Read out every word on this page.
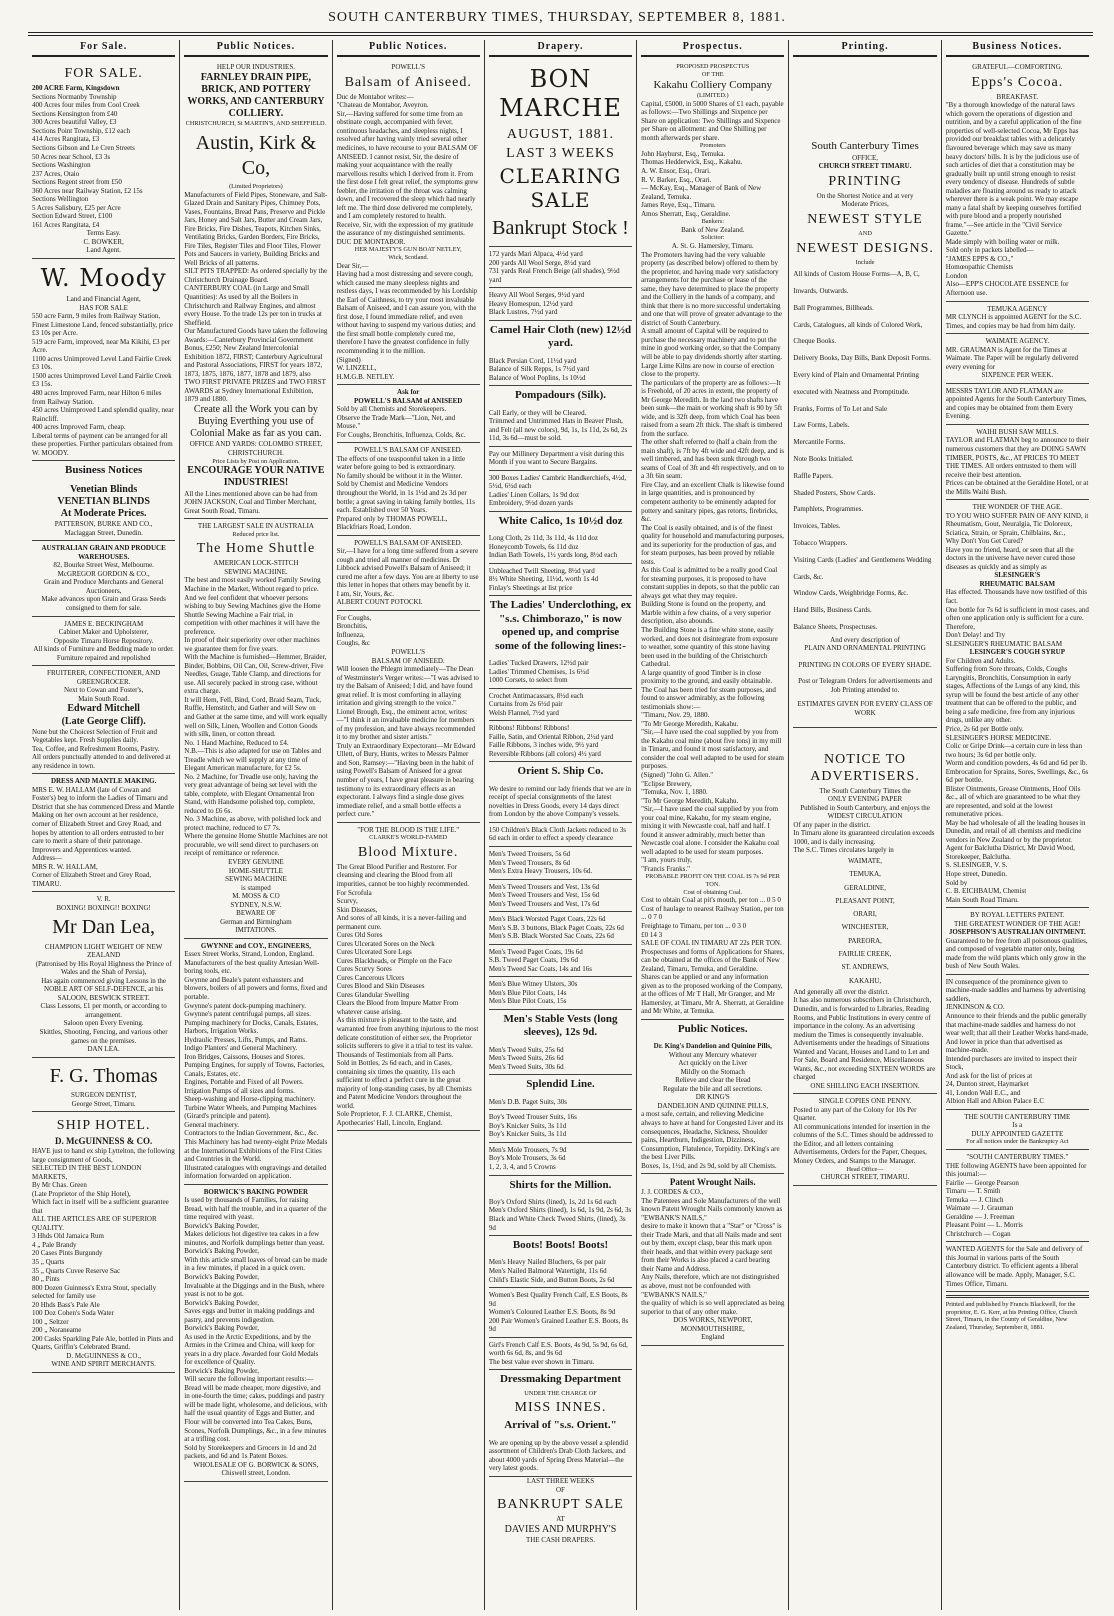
SOUTH CANTERBURY TIMES, THURSDAY, SEPTEMBER 8, 1881.
For Sale.
FOR SALE.
200 ACRE Farm, Kingsdown
Sections Normanby Township
400 Acres four miles from Cool Creek
Sections Kensington from £40
300 Acres beautiful Valley, £3
Sections Point Township, £12 each
414 Acres Rangitata, £3
Sections Gibson and Le Cren Streets
50 Acres near School, £3 3s
Sections Washington
237 Acres, Otaio
Sections Regent street from £50
360 Acres near Railway Station, £2 15s
Sections Wellington
5 Acres Salisbury, £25 per Acre
Section Edward Street, £100
161 Acres Rangitata, £4
Terms Easy.
C. BOWKER,
Land Agent.
W. Moody
Land and Financial Agent,
HAS FOR SALE
550 acre Farm, 9 miles from Railway Station, Finest Limestone Land, fenced substantially, price £3 10s per Acre.
519 acre Farm, improved, near Ma Kikihi, £3 per Acre.
1100 acres Unimproved Level Land Fairlie Creek £3 10s.
1500 acres Unimproved Level Land Fairlie Creek £3 15s.
480 acres Improved Farm, near Hilton 6 miles from Railway Station.
450 acres Unimproved Land splendid quality, near Raincliff.
400 acres Improved Farm, cheap.
Liberal terms of payment can be arranged for all these properties. Further particulars obtained from
W. MOODY.
Business Notices
Venetian Blinds
VENETIAN BLINDS
At Moderate Prices.
PATTERSON, BURKE AND CO.,
Maclaggan Street, Dunedin.
AUSTRALIAN GRAIN AND PRODUCE WAREHOUSES.
82, Bourke Street West, Melbourne.
McGREGOR GORDON & CO.,
Grain and Produce Merchants and General Auctioneers,
Make advances upon Grain and Grass Seeds consigned to them for sale.
JAMES E. BECKINGHAM
Cabinet Maker and Upholsterer,
Opposite Timaru Horse Repository.
All kinds of Furniture and Bedding made to order.
Furniture repaired and repolished
FRUITERER, CONFECTIONER, AND GREENGROCER.
Next to Cowan and Foster's,
Main South Road.
Edward Mitchell
(Late George Cliff).
None but the Choicest Selection of Fruit and Vegetables kept. Fresh Supplies daily.
Tea, Coffee, and Refreshment Rooms, Pastry.
All orders punctually attended to and delivered at any residence in town.
DRESS AND MANTLE MAKING.
MRS E. W. HALLAM (late of Cowan and Foster's) beg to inform the Ladies of Timaru and District that she has commenced Dress and Mantle Making on her own account at her residence, corner of Elizabeth Street and Grey Road, and hopes by attention to all orders entrusted to her care to merit a share of their patronage.
Improvers and Apprentices wanted.
Address—
MRS R. W. HALLAM,
Corner of Elizabeth Street and Grey Road,
TIMARU.
V. R.
BOXING! BOXING!! BOXING!
Mr Dan Lea,
CHAMPION LIGHT WEIGHT OF NEW ZEALAND
(Patronised by His Royal Highness the Prince of Wales and the Shah of Persia),
Has again commenced giving Lessons in the NOBLE ART OF SELF-DEFENCE, at his SALOON, BESWICK STREET.
Class Lessons, £1 per month, or according to arrangement.
Saloon open Every Evening.
Skittles, Shooting, Fencing, and various other games on the premises.
DAN LEA.
F. G. Thomas
SURGEON DENTIST,
George Street, Timaru.
SHIP HOTEL.
D. McGUINNESS & CO.
HAVE just to hand ex ship Lyttelton, the following large consignment of Goods,
SELECTED IN THE BEST LONDON MARKETS,
By Mr Chas. Green
(Late Proprietor of the Ship Hotel),
Which fact in itself will be a sufficient guarantee that
ALL THE ARTICLES ARE OF SUPERIOR QUALITY.
3 Hhds Old Jamaica Rum
4 „ Pale Brandy
20 Cases Pints Burgundy
35 „ Quarts
35 „ Quarts Cuvee Reserve Sac
80 „ Pints
800 Dozen Guinness's Extra Stout, specially selected for family use
20 Hhds Bass's Pale Ale
100 Doz Cohen's Soda Water
100 „ Seltzer
200 „ Noraneame
200 Casks Sparkling Pale Ale, bottled in Pints and Quarts, Griffin's Celebrated Brand.
D. McGUINNESS & CO.,
WINE AND SPIRIT MERCHANTS.
Public Notices.
HELP OUR INDUSTRIES.
FARNLEY DRAIN PIPE, BRICK, AND POTTERY WORKS, AND CANTERBURY COLLIERY.
CHRISTCHURCH, St MARTIN'S, AND SHEFFIELD.
Austin, Kirk & Co,
(Limited Proprietors)
Manufacturers of Field Pipes, Stoneware, and Salt-Glazed Drain and Sanitary Pipes, Chimney Pots, Vases, Fountains, Bread Pans, Preserve and Pickle Jars, Honey and Salt Jars, Butter and Cream Jars, Fire Bricks, Fire Dishes, Teapots, Kitchen Sinks, Ventilating Bricks, Garden Borders, Fire Bricks, Fire Tiles, Register Tiles and Floor Tiles, Flower Pots and Saucers in variety, Building Bricks and Well Bricks of all patterns.
SILT PITS TRAPPED: As ordered specially by the Christchurch Drainage Board.
CANTERBURY COAL (in Large and Small Quantities): As used by all the Boilers in Christchurch and Railway Engines, and almost every House. To the trade 12s per ton in trucks at Sheffield.
Our Manufactured Goods have taken the following Awards:—Canterbury Provincial Government Bonus, £250; New Zealand Intercolonial Exhibition 1872, FIRST; Canterbury Agricultural and Pastoral Associations, FIRST for years 1872, 1873, 1875, 1876, 1877, 1878 and 1879, also TWO FIRST PRIVATE PRIZES and TWO FIRST AWARDS at Sydney International Exhibition, 1879 and 1880.
Create all the Work you can by Buying Everthing you use of Colonial Make as far as you can.
OFFICE AND YARDS: COLOMBO STREET, CHRISTCHURCH.
Price Lists by Post on Application.
ENCOURAGE YOUR NATIVE INDUSTRIES!
All the Lines mentioned above can be had from JOHN JACKSON, Coal and Timber Merchant, Great South Road, Timaru.
THE LARGEST SALE IN AUSTRALIA
Reduced price list.
The Home Shuttle
AMERICAN LOCK-STITCH
SEWING MACHINE.
The best and most easily worked Family Sewing Machine in the Market, Without regard to price.
And we feel confident that whoever persons wishing to buy Sewing Machines give the Home Shuttle Sewing Machine a Fair trial, in competition with other machines it will have the preference.
In proof of their superiority over other machines we guarantee them for five years.
With the Machine is furnished—Hemmer, Braider, Binder, Bobbins, Oil Can, Oil, Screw-driver, Five Needles, Guage, Table Clamp, and directions for use. All securely packed in strong case, without extra charge.
It will Hem, Fell, Bind, Cord, Braid Seam, Tuck, Ruffle, Hemstitch, and Gather and will Sew on and Gather at the same time, and will work equally well on Silk, Linen, Woollen and Cotton Goods with silk, linen, or cotton thread.
No. 1 Hand Machine, Reduced to £4.
N.B.—This is also adapted for use on Tables and Treadle which we will supply at any time of Elegant American manufacture, for £2 5s.
No. 2 Machine, for Treadle use only, having the very great advantage of being set level with the table, complete, with Elegant Ornamental Iron Stand, with Handsome polished top, complete, reduced to £6 6s.
No. 3 Machine, as above, with polished lock and protect machine, reduced to £7 7s.
Where the genuine Home Shuttle Machines are not procurable, we will send direct to purchasers on receipt of remittance or reference.
EVERY GENUINE
HOME-SHUTTLE
SEWING MACHINE
is stamped
M. MOSS & CO
SYDNEY, N.S.W.
BEWARE OF
German and Birmingham
IMITATIONS.
GWYNNE and COY., ENGINEERS,
Essex Street Works, Strand, London, England. Manufacturers of the best quality Artesian Well-boring tools, etc.
Gwynne and Beale's patent exhausters and blowers, boilers of all powers and forms, fixed and portable.
Gwynne's patent dock-pumping machinery.
Gwynne's patent centrifugal pumps, all sizes.
Pumping machinery for Docks, Canals, Estates, Harbors, Irrigation Works.
Hydraulic Presses, Lifts, Pumps, and Rams.
Indigo Planters' and General Machinery.
Iron Bridges, Caissons, Houses and Stores.
Pumping Engines, for supply of Towns, Factories, Canals, Estates, etc.
Engines, Portable and Fixed of all Powers.
Irrigation Pumps of all sizes and forms.
Sheep-washing and Horse-clipping machinery.
Turbine Water Wheels, and Pumping Machines (Girard's principle and patent).
General machinery.
Contractors to the Indian Government, &c., &c.
This Machinery has had twenty-eight Prize Medals at the International Exhibitions of the First Cities and Countries in the World.
Illustrated catalogues with engravings and detailed information forwarded on application.
BORWICK'S BAKING POWDER
Is used by thousands of Families, for raising Bread, with half the trouble, and in a quarter of the time required with yeast.
Borwick's Baking Powder,
Makes delicious hot digestive tea cakes in a few minutes, and Norfolk dumplings better than yeast.
Borwick's Baking Powder,
With this article small loaves of bread can be made in a few minutes, if placed in a quick oven.
Borwick's Baking Powder,
Invaluable at the Diggings and in the Bush, where yeast is not to be got.
Borwick's Baking Powder,
Saves eggs and butter in making puddings and pastry, and prevents indigestion.
Borwick's Baking Powder,
As used in the Arctic Expeditions, and by the Armies in the Crimea and China, will keep for years in a dry place. Awarded four Gold Medals for excellence of Quality.
Borwick's Baking Powder,
Will secure the following important results:—Bread will be made cheaper, more digestive, and in one-fourth the time; cakes, puddings and pastry will be made light, wholesome, and delicious, with half the usual quantity of Eggs and Butter, and Flour will be converted into Tea Cakes, Buns, Scones, Norfolk Dumplings, &c., in a few minutes at a trifling cost.
Sold by Storekeepers and Grocers in 1d and 2d packets, and 6d and 1s Patent Boxes.
WHOLESALE OF G. BORWICK & SONS,
Chiswell street, London.
Public Notices.
POWELL'S
Balsam of Aniseed.
Duc de Montabor writes:—
"Chateau de Montabor, Aveyron.
Sir,—Having suffered for some time from an obstinate cough, accompanied with fever, continuous headaches, and sleepless nights, I resolved after having vainly tried several other medicines, to have recourse to your BALSAM OF ANISEED. I cannot resist, Sir, the desire of making your acquaintance with the really marvellous results which I derived from it. From the first dose I felt great relief, the symptoms grew feebler, the irritation of the throat was calming down, and I recovered the sleep which had nearly left me. The third dose delivered me completely, and I am completely restored to health.
Receive, Sir, with the expression of my gratitude the assurance of my distinguished sentiments.
DUC DE MONTABOR.
HER MAJESTY'S GUN BOAT NETLEY,
Wick, Scotland.
Dear Sir,—
Having had a most distressing and severe cough, which caused me many sleepless nights and restless days, I was recommended by his Lordship the Earl of Caithness, to try your most invaluable Balsam of Aniseed, and I can assure you, with the first dose, I found immediate relief, and even without having to suspend my various duties; and the first small bottle completely cured me, therefore I have the greatest confidence in fully recommending it to the million.
(Signed)
W. LINZELL,
H.M.G.B. NETLEY.
Ask for
POWELL'S BALSAM of ANISEED
Sold by all Chemists and Storekeepers.
Observe the Trade Mark—"Lion, Net, and Mouse."
For Coughs, Bronchitis, Influenza, Colds, &c.
POWELL'S BALSAM OF ANISEED.
The effects of one teaspoonful taken in a little water before going to bed is extraordinary.
No family should be without it in the Winter.
Sold by Chemist and Medicine Vendors throughout the World, in 1s 1½d and 2s 3d per bottle; a great saving in taking family bottles, 11s each. Established over 50 Years.
Prepared only by THOMAS POWELL, Blackfriars Road, London.
POWELL'S BALSAM OF ANISEED.
Sir,—I have for a long time suffered from a severe cough and tried all manner of medicines. Dr Libbock advised Powell's Balsam of Aniseed; it cured me after a few days. You are at liberty to use this letter in hopes that others may benefit by it.
I am, Sir, Yours, &c.
ALBERT COUNT POTOCKI.
For Coughs,
Bronchitis,
Influenza,
Coughs, &c
POWELL'S
BALSAM OF ANISEED.
Will loosen the Phlegm immediately—The Dean of Westminster's Verger writes:—"I was advised to try the Balsam of Aniseed; I did, and have found great relief. It is most comforting in allaying irritation and giving strength to the voice."
Lionel Brough, Esq., the eminent actor, writes:—"I think it an invaluable medicine for members of my profession, and have always recommended it to my brother and sister artists."
Truly an Extraordinary Expectorant—Mr Edward Ullett, of Bury, Hunts, writes to Messrs Palmer and Son, Ramsey:—"Having been in the habit of using Powell's Balsam of Aniseed for a great number of years, I have great pleasure in bearing testimony to its extraordinary effects as an expectorant. I always find a single dose gives immediate relief, and a small bottle effects a perfect cure."
"FOR THE BLOOD IS THE LIFE."
CLARKE'S WORLD-FAMED
Blood Mixture.
The Great Blood Purifier and Restorer. For cleansing and clearing the Blood from all impurities, cannot be too highly recommended.
For Scrofula
Scurvy,
Skin Diseases,
And sores of all kinds, it is a never-failing and permanent cure.
Cures Old Sores
Cures Ulcerated Sores on the Neck
Cures Ulcerated Sore Legs
Cures Blackheads, or Pimple on the Face
Cures Scurvy Sores
Cures Cancerous Ulcers
Cures Blood and Skin Diseases
Cures Glandular Swelling
Clears the Blood from Impure Matter From whatever cause arising.
As this mixture is pleasant to the taste, and warranted free from anything injurious to the most delicate constitution of either sex, the Proprietor solicits sufferers to give it a trial to test its value.
Thousands of Testimonials from all Parts.
Sold in Bottles, 2s 6d each, and in Cases, containing six times the quantity, 11s each sufficient to effect a perfect cure in the great majority of long-standing cases, by all Chemists and Patent Medicine Vendors throughout the world.
Sole Proprietor, F. J. CLARKE, Chemist, Apothecaries' Hall, Lincoln, England.
Drapery.
BON MARCHE
AUGUST, 1881.
LAST 3 WEEKS
CLEARING SALE
Bankrupt Stock !
172 yards Mari Alpaca, 4½d yard
200 yards All Wool Serge, 8½d yard
731 yards Real French Beige (all shades), 9½d yard
Heavy All Wool Serges, 9½d yard
Heavy Homespun, 12½d yard
Black Lustres, 7½d yard
Camel Hair Cloth (new) 12½d yard.
Black Persian Cord, 11½d yard
Balance of Silk Repps, 1s 7½d yard
Balance of Wool Poplins, 1s 10½d
Pompadours (Silk).
Call Early, or they will be Cleared.
Trimmed and Untrimmed Hats in Beaver Plush, and Felt (all new colors), 9d, 1s, 1s 11d, 2s 6d, 2s 11d, 3s 6d—must be sold.
Pay our Millinery Department a visit during this Month if you want to Secure Bargains.
300 Boxes Ladies' Cambric Handkerchiefs, 4½d, 5½d, 6½d each
Ladies' Linen Collars, 1s 9d doz
Embroidery, 9½d dozen yards
White Calico, 1s 10½d doz
Long Cloth, 2s 11d, 3s 11d, 4s 11d doz
Honeycomb Towels, 6s 11d doz
Indian Bath Towels, 1½ yards long, 8½d each
Unbleached Twill Sheeting, 8½d yard
8½ White Sheeting, 11½d, worth 1s 4d
Finlay's Sheetings at list price
The Ladies' Underclothing, ex "s.s. Chimborazo," is now opened up, and comprise some of the following lines:-
Ladies' Tucked Drawers, 12½d pair
Ladies' Trimmed Chemises, 1s 6½d
1000 Corsets, to select from
Crochet Antimacassars, 8½d each
Curtains from 2s 6½d pair
Welsh Flannel, 7½d yard
Ribbons! Ribbons! Ribbons!
Faille, Satin, and Oriental Ribbon, 2½d yard
Faille Ribbons, 3 inches wide, 9½ yard
Reversible Ribbons (all colors) 4½ yard
Orient S. Ship Co.
We desire to remind our lady friends that we are in receipt of special consignments of the latest novelties in Dress Goods, every 14 days direct from London by the above Company's vessels.
150 Children's Black Cloth Jackets reduced to 3s 6d each in order to effect a speedy clearance
Men's Tweed Trousers, 5s 6d
Men's Tweed Trousers, 8s 6d
Men's Extra Heavy Trousers, 10s 6d.
Men's Tweed Trousers and Vest, 13s 6d
Men's Tweed Trousers and Vest, 15s 6d
Men's Tweed Trousers and Vest, 17s 6d
Men's Black Worsted Paget Coats, 22s 6d
Men's S.B. 3 buttons, Black Paget Coats, 22s 6d
Men's S.B. Black Worsted Sac Coats, 22s 6d
Men's Tweed Paget Coats, 19s 6d
S.B. Tweed Paget Coats, 19s 6d
Men's Tweed Sac Coats, 14s and 16s
Men's Blue Witney Ulsters, 30s
Men's Blue Pilot Coats, 14s
Men's Blue Pilot Coats, 15s
Men's Stable Vests (long sleeves), 12s 9d.
Men's Tweed Suits, 25s 6d
Men's Tweed Suits, 26s 6d
Men's Tweed Suits, 30s 6d
Splendid Line.
Men's D.B. Paget Suits, 30s
Boy's Tweed Trouser Suits, 16s
Boy's Knicker Suits, 3s 11d
Boy's Knicker Suits, 3s 11d
Men's Mole Trousers, 7s 9d
Boy's Mole Trousers, 3s 6d
1, 2, 3, 4, and 5 Crowns
Shirts for the Million.
Boy's Oxford Shirts (lined), 1s, 2d 1s 6d each
Men's Oxford Shirts (lined), 1s 6d, 1s 9d, 2s 6d, 3s
Black and White Check Tweed Shirts, (lined), 3s 9d
Boots! Boots! Boots!
Men's Heavy Nailed Bluchers, 6s per pair
Men's Nailed Balmoral Watertight, 11s 6d
Child's Elastic Side, and Button Boots, 2s 6d
Women's Best Quality French Calf, E.S Boots, 8s 9d
Women's Coloured Leather E.S. Boots, 8s 9d
200 Pair Women's Grained Leather E.S. Boots, 8s 9d
Girl's French Calf E.S. Boots, 4s 9d, 5s 9d, 6s 6d, worth 6s 6d, 8s, and 9s 6d
The best value ever shown in Timaru.
Dressmaking Department
UNDER THE CHARGE OF
MISS INNES.
Arrival of "s.s. Orient."
We are opening up by the above vessel a splendid assortment of Children's Drab Cloth Jackets, and about 4000 yards of Spring Dress Material—the very latest goods.
LAST THREE WEEKS
OF
BANKRUPT SALE
AT
DAVIES AND MURPHY'S
THE CASH DRAPERS.
Prospectus.
PROPOSED PROSPECTUS
OF THE
Kakahu Colliery Company
(LIMITED.)
Capital, £5000, in 5000 Shares of £1 each, payable as follows:—Two Shillings and Sixpence per Share on application: Two Shillings and Sixpence per Share on allotment: and One Shilling per month afterwards per share.
Promoters
John Hayhurst, Esq., Temuka.
Thomas Hedderwick, Esq., Kakahu.
A. W. Ensor, Esq., Orari.
R. V. Barker, Esq., Orari.
— McKay, Esq., Manager of Bank of New Zealand, Temuka.
James Reye, Esq., Timaru.
Amos Sherratt, Esq., Geraldine.
Bankers:
Bank of New Zealand.
Solicitor:
A. St. G. Hamersley, Timaru.
The Promoters having had the very valuable property (as described below) offered to them by the proprietor, and having made very satisfactory arrangements for the purchase or lease of the same, they have determined to place the property and the Colliery in the hands of a company, and think that there is no more successful undertaking and one that will prove of greater advantage to the district of South Canterbury.
A small amount of Capital will be required to purchase the necessary machinery and to put the mine in good working order, so that the Company will be able to pay dividends shortly after starting. Large Lime Kilns are now in course of erection close to the property.
The particulars of the property are as follows:—It is Freehold, of 20 acres in extent, the property of Mr George Meredith. In the land two shafts have been sunk—the main or working shaft is 90 by 5ft wide, and is 32ft deep, from which Coal has been raised from a seam 2ft thick. The shaft is timbered from the surface.
The other shaft referred to (half a chain from the main shaft), is 7ft by 4ft wide and 42ft deep, and is well timbered, and has been sunk through two seams of Coal of 3ft and 4ft respectively, and on to a 3ft 6in seam.
Fire Clay, and an excellent Chalk is likewise found in large quantities, and is pronounced by competent authority to be eminently adapted for pottery and sanitary pipes, gas retorts, firebricks, &c.
The Coal is easily obtained, and is of the finest quality for household and manufacturing purposes, and its superiority for the production of gas, and for steam purposes, has been proved by reliable tests.
As this Coal is admitted to be a really good Coal for steaming purposes, it is proposed to have constant supplies in depots, so that the public can always get what they may require.
Building Stone is found on the property, and Marble within a few chains, of a very superior description, also abounds.
The Building Stone is a fine white stone, easily worked, and does not disintegrate from exposure to weather, some quantity of this stone having been used in the building of the Christchurch Cathedral.
A large quantity of good Timber is in close proximity to the ground, and easily obtainable.
The Coal has been tried for steam purposes, and found to answer admirably, as the following testimonials show:—
"Timaru, Nov. 29, 1880.
"To Mr George Meredith, Kakahu.
"Sir,—I have used the coal supplied by you from the Kakahu coal mine (about five tons) in my mill in Timaru, and found it most satisfactory, and consider the coal well adapted to be used for steam purposes.
(Signed) "John G. Allen."
"Eclipse Brewery,
"Temuka, Nov. 1, 1880.
"To Mr George Meredith, Kakahu.
"Sir,—I have used the coal supplied by you from your coal mine, Kakahu, for my steam engine, mixing it with Newcastle coal, half and half. I found it answer admirably, much better than Newcastle coal alone. I consider the Kakahu coal well adapted to be used for steam purposes.
"I am, yours truly,
"Francis Franks."
PROBABLE PROFIT ON THE COAL IS 7s 9d PER TON.
Cost of obtaining Coal.
Cost to obtain Coal at pit's mouth, per ton ... 0 5 0
Cost of haulage to nearest Railway Station, per ton ... 0 7 0
Freightage to Timaru, per ton ... 0 3 0
£0 14 3
SALE OF COAL IN TIMARU AT 22s PER TON.
Prospectuses and forms of Applications for Shares, can be obtained at the offices of the Bank of New Zealand, Timaru, Temuka, and Geraldine.
Shares can be applied or and any information given as to the proposed working of the Company, at the offices of Mr T Hall, Mr Granger, and Mr Hamersley, at Timaru, Mr A. Sherratt, at Geraldine and Mr White, at Temuka.
Public Notices.
Dr. King's Dandelion and Quinine Pills,
Without any Mercury whatever
Act quickly on the Liver
Mildly on the Stomach
Relieve and clear the Head
Regulate the bile and all secretions.
DR KING'S
DANDELION AND QUININE PILLS,
a most safe, certain, and relieving Medicine always to have at hand for Congested Liver and its consequences, Headache, Sickness, Shoulder pains, Heartburn, Indigestion, Dizziness, Consumption, Flatulence, Torpidity. DrKing's are the best Liver Pills.
Boxes, 1s, 1½d, and 2s 9d, sold by all Chemists.
Patent Wrought Nails.
J. J. CORDES & CO.,
The Patentees and Sole Manufacturers of the well known Patent Wrought Nails commonly known as
"EWBANK'S NAILS,"
desire to make it known that a "Star" or "Cross" is their Trade Mark, and that all Nails made and sent out by them, except clasp, bear this mark upon their heads, and that within every package sent from their Works is also placed a card bearing their Name and Address.
Any Nails, therefore, which are not distinguished as above, must not be confounded with
"EWBANK'S NAILS,"
the quality of which is so well appreciated as being superior to that of any other make.
DOS WORKS, NEWPORT,
MONMOUTHSHIRE,
England
Printing.
South Canterbury Times
OFFICE,
CHURCH STREET TIMARU.
PRINTING
On the Shortest Notice and at very
Moderate Prices,
NEWEST STYLE
AND
NEWEST DESIGNS.
Include
All kinds of Custom House Forms—A, B, C, Inwards, Outwards.
Ball Programmes, Billheads.
Cards, Catalogues, all kinds of Colored Work, Cheque Books.
Delivery Books, Day Bills, Bank Deposit Forms.
Every kind of Plain and Ornamental Printing executed with Neatness and Promptitude.
Franks, Forms of To Let and Sale
Law Forms, Labels.
Mercantile Forms.
Note Books Initialed.
Raffle Papers.
Shaded Posters, Show Cards.
Pamphlets, Programmes.
Invoices, Tables.
Tobacco Wrappers.
Visiting Cards (Ladies' and Gentlemens Wedding Cards, &c.
Window Cards, Weighbridge Forms, &c.
Hand Bills, Business Cards.
Balance Sheets, Prospectuses.
And every description of
PLAIN AND ORNAMENTAL PRINTING
PRINTING IN COLORS OF EVERY SHADE.
Post or Telegram Orders for advertisements and Job Printing attended to.
ESTIMATES GIVEN FOR EVERY CLASS OF WORK
NOTICE TO ADVERTISERS.
The South Canterbury Times the
ONLY EVENING PAPER
Published in South Canterbury, and enjoys the
WIDEST CIRCULATION
Of any paper in the district.
In Timaru alone its guaranteed circulation exceeds 1000, and is daily increasing.
The S.C. Times circulates largely in
WAIMATE,
TEMUKA,
GERALDINE,
PLEASANT POINT,
ORARI,
WINCHESTER,
PAREORA,
FAIRLIE CREEK,
ST. ANDREWS,
KAKAHU,
And generally all over the district.
It has also numerous subscribers in Christchurch, Dunedin, and is forwarded to Libraries, Reading Rooms, and Public Institutions in every centre of importance in the colony. As an advertising medium the Times is consequently invaluable.
Advertisements under the headings of Situations Wanted and Vacant, Houses and Land to Let and For Sale, Board and Residence, Miscellaneous Wants, &c., not exceeding SIXTEEN WORDS are charged
ONE SHILLING EACH INSERTION.
SINGLE COPIES ONE PENNY.
Posted to any part of the Colony for 10s Per Quarter.
All communications intended for insertion in the columns of the S.C. Times should be addressed to the Editor, and all letters containing Advertisements, Orders for the Paper, Cheques, Money Orders, and Stamps to the Manager.
Head Office—
CHURCH STREET, TIMARU.
Business Notices.
GRATEFUL—COMFORTING.
Epps's Cocoa.
BREAKFAST.
"By a thorough knowledge of the natural laws which govern the operations of digestion and nutrition, and by a careful application of the fine properties of well-selected Cocoa, Mr Epps has provided our breakfast tables with a delicately flavoured beverage which may save us many heavy doctors' bills. It is by the judicious use of such articles of diet that a constitution may be gradually built up until strong enough to resist every tendency of disease. Hundreds of subtle maladies are floating around us ready to attack wherever there is a weak point. We may escape many a fatal shaft by keeping ourselves fortified with pure blood and a properly nourished frame."—See article in the "Civil Service Gazette."
Made simply with boiling water or milk.
Sold only in packets labelled—
"JAMES EPPS & CO.,"
Homœopathic Chemists
London
Also—EPP'S CHOCOLATE ESSENCE for Afternoon use.
TEMUKA AGENCY
MR CLYNCH is appointed AGENT for the S.C. Times, and copies may be had from him daily.
WAIMATE AGENCY.
MR. GRAUMAN is Agent for the Times at Waimate. The Paper will be regularly delivered every evening for
SIXPENCE PER WEEK.
MESSRS TAYLOR AND FLATMAN are appointed Agents for the South Canterbury Times, and copies may be obtained from them Every Evening.
WAIHI BUSH SAW MILLS.
TAYLOR and FLATMAN beg to announce to their numerous customers that they are DOING SAWN TIMBER, POSTS, &c., AT PRICES TO MEET THE TIMES. All orders entrusted to them will receive their best attention.
Prices can be obtained at the Geraldine Hotel, or at the Mills Waihi Bush.
THE WONDER OF THE AGE.
TO YOU WHO SUFFER PAIN OF ANY KIND, it Rheumatism, Gout, Neuralgia, Tic Doloreux, Sciatica, Strain, or Sprain, Chilblains, &c.,
Why Don't You Get Cured?
Have you no friend, heard, or seen that all the doctors in the universe have never cured those diseases as quickly and as simply as
SLESINGER'S
RHEUMATIC BALSAM
Has effected. Thousands have now testified of this fact.
One bottle for 7s 6d is sufficient in most cases, and often one application only is sufficient for a cure. Therefore,
Don't Delay! and Try
SLESINGER'S RHEUMATIC BALSAM
LESINGER'S COUGH SYRUP
For Children and Adults.
Suffering from Sore throats, Colds, Coughs Laryngitis, Bronchitis, Consumption in early stages, Affections of the Lungs of any kind, this syrup will be found the best article of any other treatment that can be offered to the public, and being a safe medicine, free from any injurious drugs, unlike any other.
Price, 2s 6d per Bottle only.
SLESINGER'S HORSE MEDICINE.
Colic or Gripe Drink—a certain cure in less than two hours; 3s 6d per bottle only.
Worm and condition powders, 4s 6d and 6d per lb.
Embrocation for Sprains, Sores, Swellings, &c., 6s 6d per bottle.
Blister Ointments, Grease Ointments, Hoof Oils &c., all of which are guaranteed to be what they are represented, and sold at the lowest remunerative prices.
May be had wholesale of all the leading houses in Dunedin, and retail of all chemists and medicine vendors in New Zealand or by the proprietor.
Agent for Balclutha District, Mr David Wood, Storekeeper, Balclutha.
S. SLESINGER, V. S.
Hope street, Dunedin.
Sold by
C. B. EICHBAUM, Chemist
Main South Road Timaru.
BY ROYAL LETTERS PATENT.
THE GREATEST WONDER OF THE AGE!
JOSEPHSON'S AUSTRALIAN OINTMENT.
Guaranteed to be free from all poisonous qualities, and composed of vegetable matter only, being made from the wild plants which only grow in the bush of New South Wales.
IN consequence of the prominence given to machine-made saddles and harness by advertising saddlers,
JENKINSON & CO.
Announce to their friends and the public generally that machine-made saddles and harness do not wear well; that all their Leather Works hand-made,
And lower in price than that advertised as machine-made.
Intended purchasers are invited to inspect their Stock,
And ask for the list of prices at
24, Dunton street, Haymarket
41, London Wall E.C., and
Albion Hall and Albion Palace E.C
THE SOUTH CANTERBURY TIME
Is a
DULY APPOINTED GAZETTE
For all notices under the Bankruptcy Act
"SOUTH CANTERBURY TIMES."
THE following AGENTS have been appointed for this journal:—
Fairlie — George Pearson
Timaru — T. Smith
Temuka — J. Clinch
Waimate — J. Grauman
Geraldine — J. Freeman
Pleasant Point — L. Morris
Christchurch — Cogan
WANTED AGENTS for the Sale and delivery of this Journal in various parts of the South Canterbury district. To efficient agents a liberal allowance will be made. Apply, Manager, S.C. Times Office, Timaru.
Printed and published by Francis Blackwell, for the proprietor, E. G. Kerr, at his Printing Office, Church Street, Timaru, in the County of Geraldine, New Zealand, Thursday, September 8, 1881.
